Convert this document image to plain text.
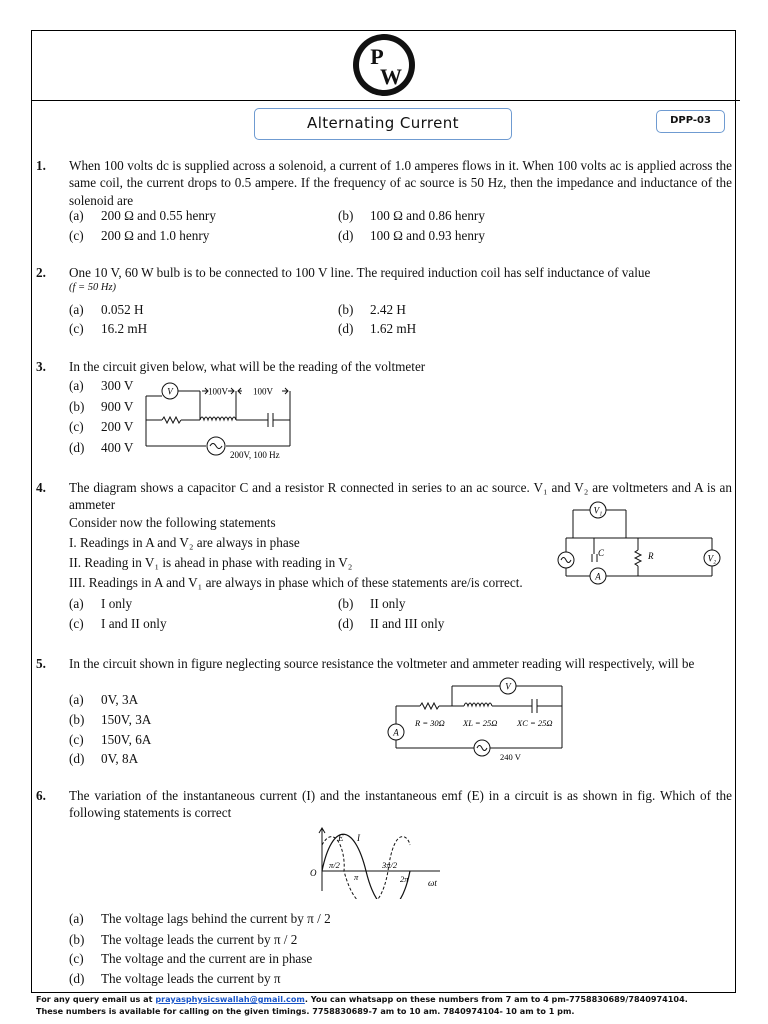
P
W
Alternating Current	DPP-03
1. When 100 volts dc is supplied across a solenoid, a current of 1.0 amperes flows in it. When 100 volts ac is applied across the same coil, the current drops to 0.5 ampere. If the frequency of ac source is 50 Hz, then the impedance and inductance of the solenoid are
(a) 200 Ω and 0.55 henry	(b) 100 Ω and 0.86 henry
(c) 200 Ω and 1.0 henry	(d) 100 Ω and 0.93 henry
2. One 10 V, 60 W bulb is to be connected to 100 V line. The required induction coil has self inductance of value
(f = 50 Hz)
(a) 0.052 H	(b) 2.42 H
(c) 16.2 mH	(d) 1.62 mH
3. In the circuit given below, what will be the reading of the voltmeter
(a) 300 V
(b) 900 V
(c) 200 V
(d) 400 V
V	100V	100V
200V, 100 Hz
4. The diagram shows a capacitor C and a resistor R connected in series to an ac source. V₁ and V₂ are voltmeters and A is an ammeter
Consider now the following statements
I. Readings in A and V₂ are always in phase
II. Reading in V₁ is ahead in phase with reading in V₂
III. Readings in A and V₁ are always in phase which of these statements are/is correct.
(a) I only	(b) II only
(c) I and II only	(d) II and III only
V₁
V₂
A
C	R
5. In the circuit shown in figure neglecting source resistance the voltmeter and ammeter reading will respectively, will be
(a) 0V, 3A
(b) 150V, 3A
(c) 150V, 6A
(d) 0V, 8A
A
V
R = 30Ω XL = 25Ω XC = 25Ω
240 V
6. The variation of the instantaneous current (I) and the instantaneous emf (E) in a circuit is as shown in fig. Which of the following statements is correct
E I
O
π/2
π
3π/2
2π ωt
(a) The voltage lags behind the current by π / 2
(b) The voltage leads the current by π / 2
(c) The voltage and the current are in phase
(d) The voltage leads the current by π
For any query email us at prayasphysicswallah@gmail.com. You can whatsapp on these numbers from 7 am to 4 pm-7758830689/7840974104.
These numbers is available for calling on the given timings. 7758830689-7 am to 10 am. 7840974104- 10 am to 1 pm.
